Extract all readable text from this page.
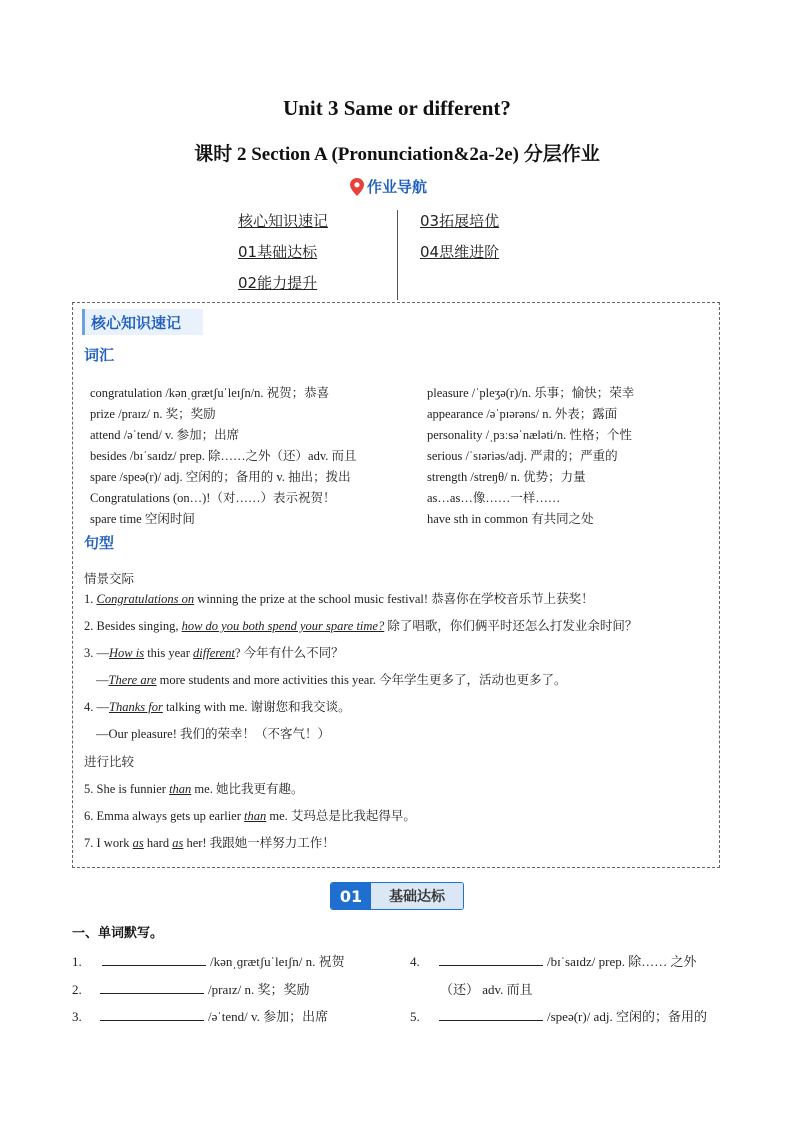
Unit 3 Same or different?
课时 2 Section A (Pronunciation&2a-2e) 分层作业
作业导航
核心知识速记
01基础达标
02能力提升
03拓展培优
04思维进阶
核心知识速记
词汇
congratulation /kənˌɡrætʃuˈleɪʃn/n. 祝贺；恭喜
prize /praɪz/ n. 奖；奖励
attend /əˈtend/ v. 参加；出席
besides /bɪˈsaɪdz/ prep. 除……之外（还）adv. 而且
spare /speə(r)/ adj. 空闲的；备用的 v. 抽出；拨出
Congratulations (on…)!（对……）表示祝贺！
spare time 空闲时间
pleasure /ˈpleʒə(r)/n. 乐事；愉快；荣幸
appearance /əˈpɪərəns/ n. 外表；露面
personality /ˌpɜːsəˈnæləti/n. 性格；个性
serious /ˈsɪəriəs/adj. 严肃的；严重的
strength /streŋθ/ n. 优势；力量
as…as…像……一样……
have sth in common 有共同之处
句型
情景交际
1. Congratulations on winning the prize at the school music festival! 恭喜你在学校音乐节上获奖！
2. Besides singing, how do you both spend your spare time? 除了唱歌，你们俩平时还怎么打发业余时间？
3. —How is this year different? 今年有什么不同？
—There are more students and more activities this year. 今年学生更多了，活动也更多了。
4. —Thanks for talking with me. 谢谢您和我交谈。
—Our pleasure! 我们的荣幸！（不客气！）
进行比较
5. She is funnier than me. 她比我更有趣。
6. Emma always gets up earlier than me. 艾玛总是比我起得早。
7. I work as hard as her! 我跟她一样努力工作！
01	基础达标
一、单词默写。
1.	/kənˌɡrætʃuˈleɪʃn/ n. 祝贺
2.	/praɪz/ n. 奖；奖励
3.	/əˈtend/ v. 参加；出席
4.	/bɪˈsaɪdz/ prep. 除…… 之外
（还） adv. 而且
5.	/speə(r)/ adj. 空闲的；备用的
